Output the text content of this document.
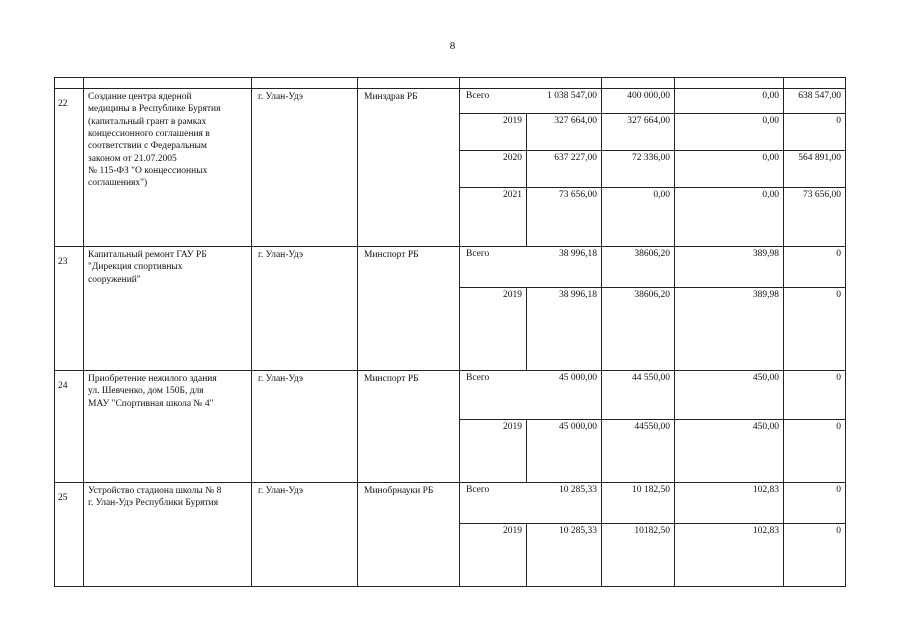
8
22
Создание центра ядерной
медицины в Республике Бурятия
(капитальный грант в рамках
концессионного соглашения в
соответствии с Федеральным
законом от 21.07.2005
№ 115-ФЗ "О концессионных
соглашениях")
г. Улан-Удэ	Минздрав РБ	Всего	1 038 547,00	400 000,00	0,00	638 547,00
2019	327 664,00	327 664,00	0,00	0
2020	637 227,00	72 336,00	0,00	564 891,00
2021	73 656,00	0,00	0,00	73 656,00
23
Капитальный ремонт ГАУ РБ
"Дирекция спортивных
сооружений"
г. Улан-Удэ	Минспорт РБ	Всего	38 996,18	38606,20	389,98	0
2019	38 996,18	38606,20	389,98	0
24
Приобретение нежилого здания
ул. Шевченко, дом 150Б, для
МАУ "Спортивная школа № 4"
г. Улан-Удэ	Минспорт РБ	Всего	45 000,00	44 550,00	450,00	0
2019	45 000,00	44550,00	450,00	0
25
Устройство стадиона школы № 8
г. Улан-Удэ Республики Бурятия
г. Улан-Удэ	Минобрнауки РБ	Всего	10 285,33	10 182,50	102,83	0
2019	10 285,33	10182,50	102,83	0
